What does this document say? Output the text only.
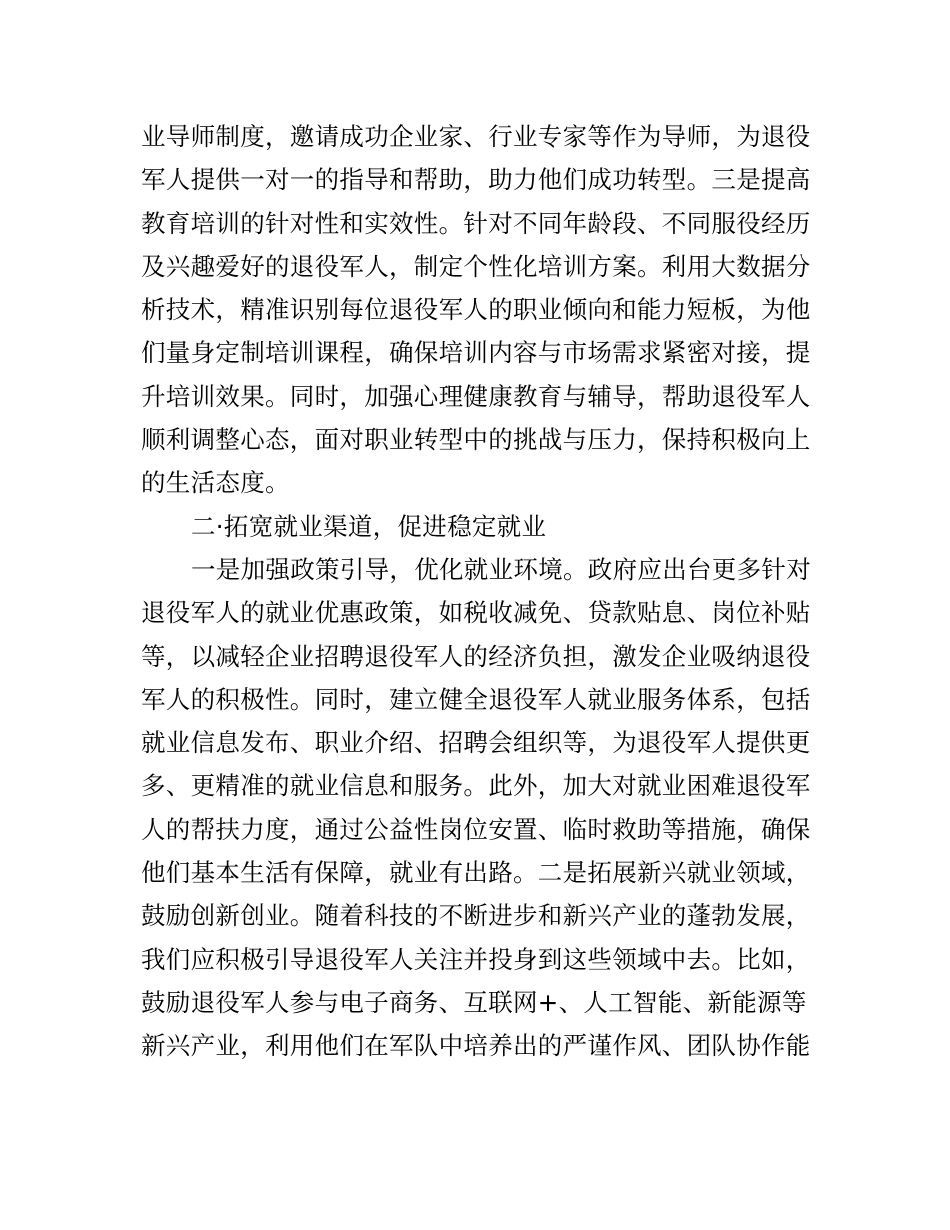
业导师制度，邀请成功企业家、行业专家等作为导师，为退役
军人提供一对一的指导和帮助，助力他们成功转型。三是提高
教育培训的针对性和实效性。针对不同年龄段、不同服役经历
及兴趣爱好的退役军人，制定个性化培训方案。利用大数据分
析技术，精准识别每位退役军人的职业倾向和能力短板，为他
们量身定制培训课程，确保培训内容与市场需求紧密对接，提
升培训效果。同时，加强心理健康教育与辅导，帮助退役军人
顺利调整心态，面对职业转型中的挑战与压力，保持积极向上
的生活态度。
二·拓宽就业渠道，促进稳定就业
一是加强政策引导，优化就业环境。政府应出台更多针对
退役军人的就业优惠政策，如税收减免、贷款贴息、岗位补贴
等，以减轻企业招聘退役军人的经济负担，激发企业吸纳退役
军人的积极性。同时，建立健全退役军人就业服务体系，包括
就业信息发布、职业介绍、招聘会组织等，为退役军人提供更
多、更精准的就业信息和服务。此外，加大对就业困难退役军
人的帮扶力度，通过公益性岗位安置、临时救助等措施，确保
他们基本生活有保障，就业有出路。二是拓展新兴就业领域，
鼓励创新创业。随着科技的不断进步和新兴产业的蓬勃发展，
我们应积极引导退役军人关注并投身到这些领域中去。比如，
鼓励退役军人参与电子商务、互联网+、人工智能、新能源等
新兴产业，利用他们在军队中培养出的严谨作风、团队协作能
